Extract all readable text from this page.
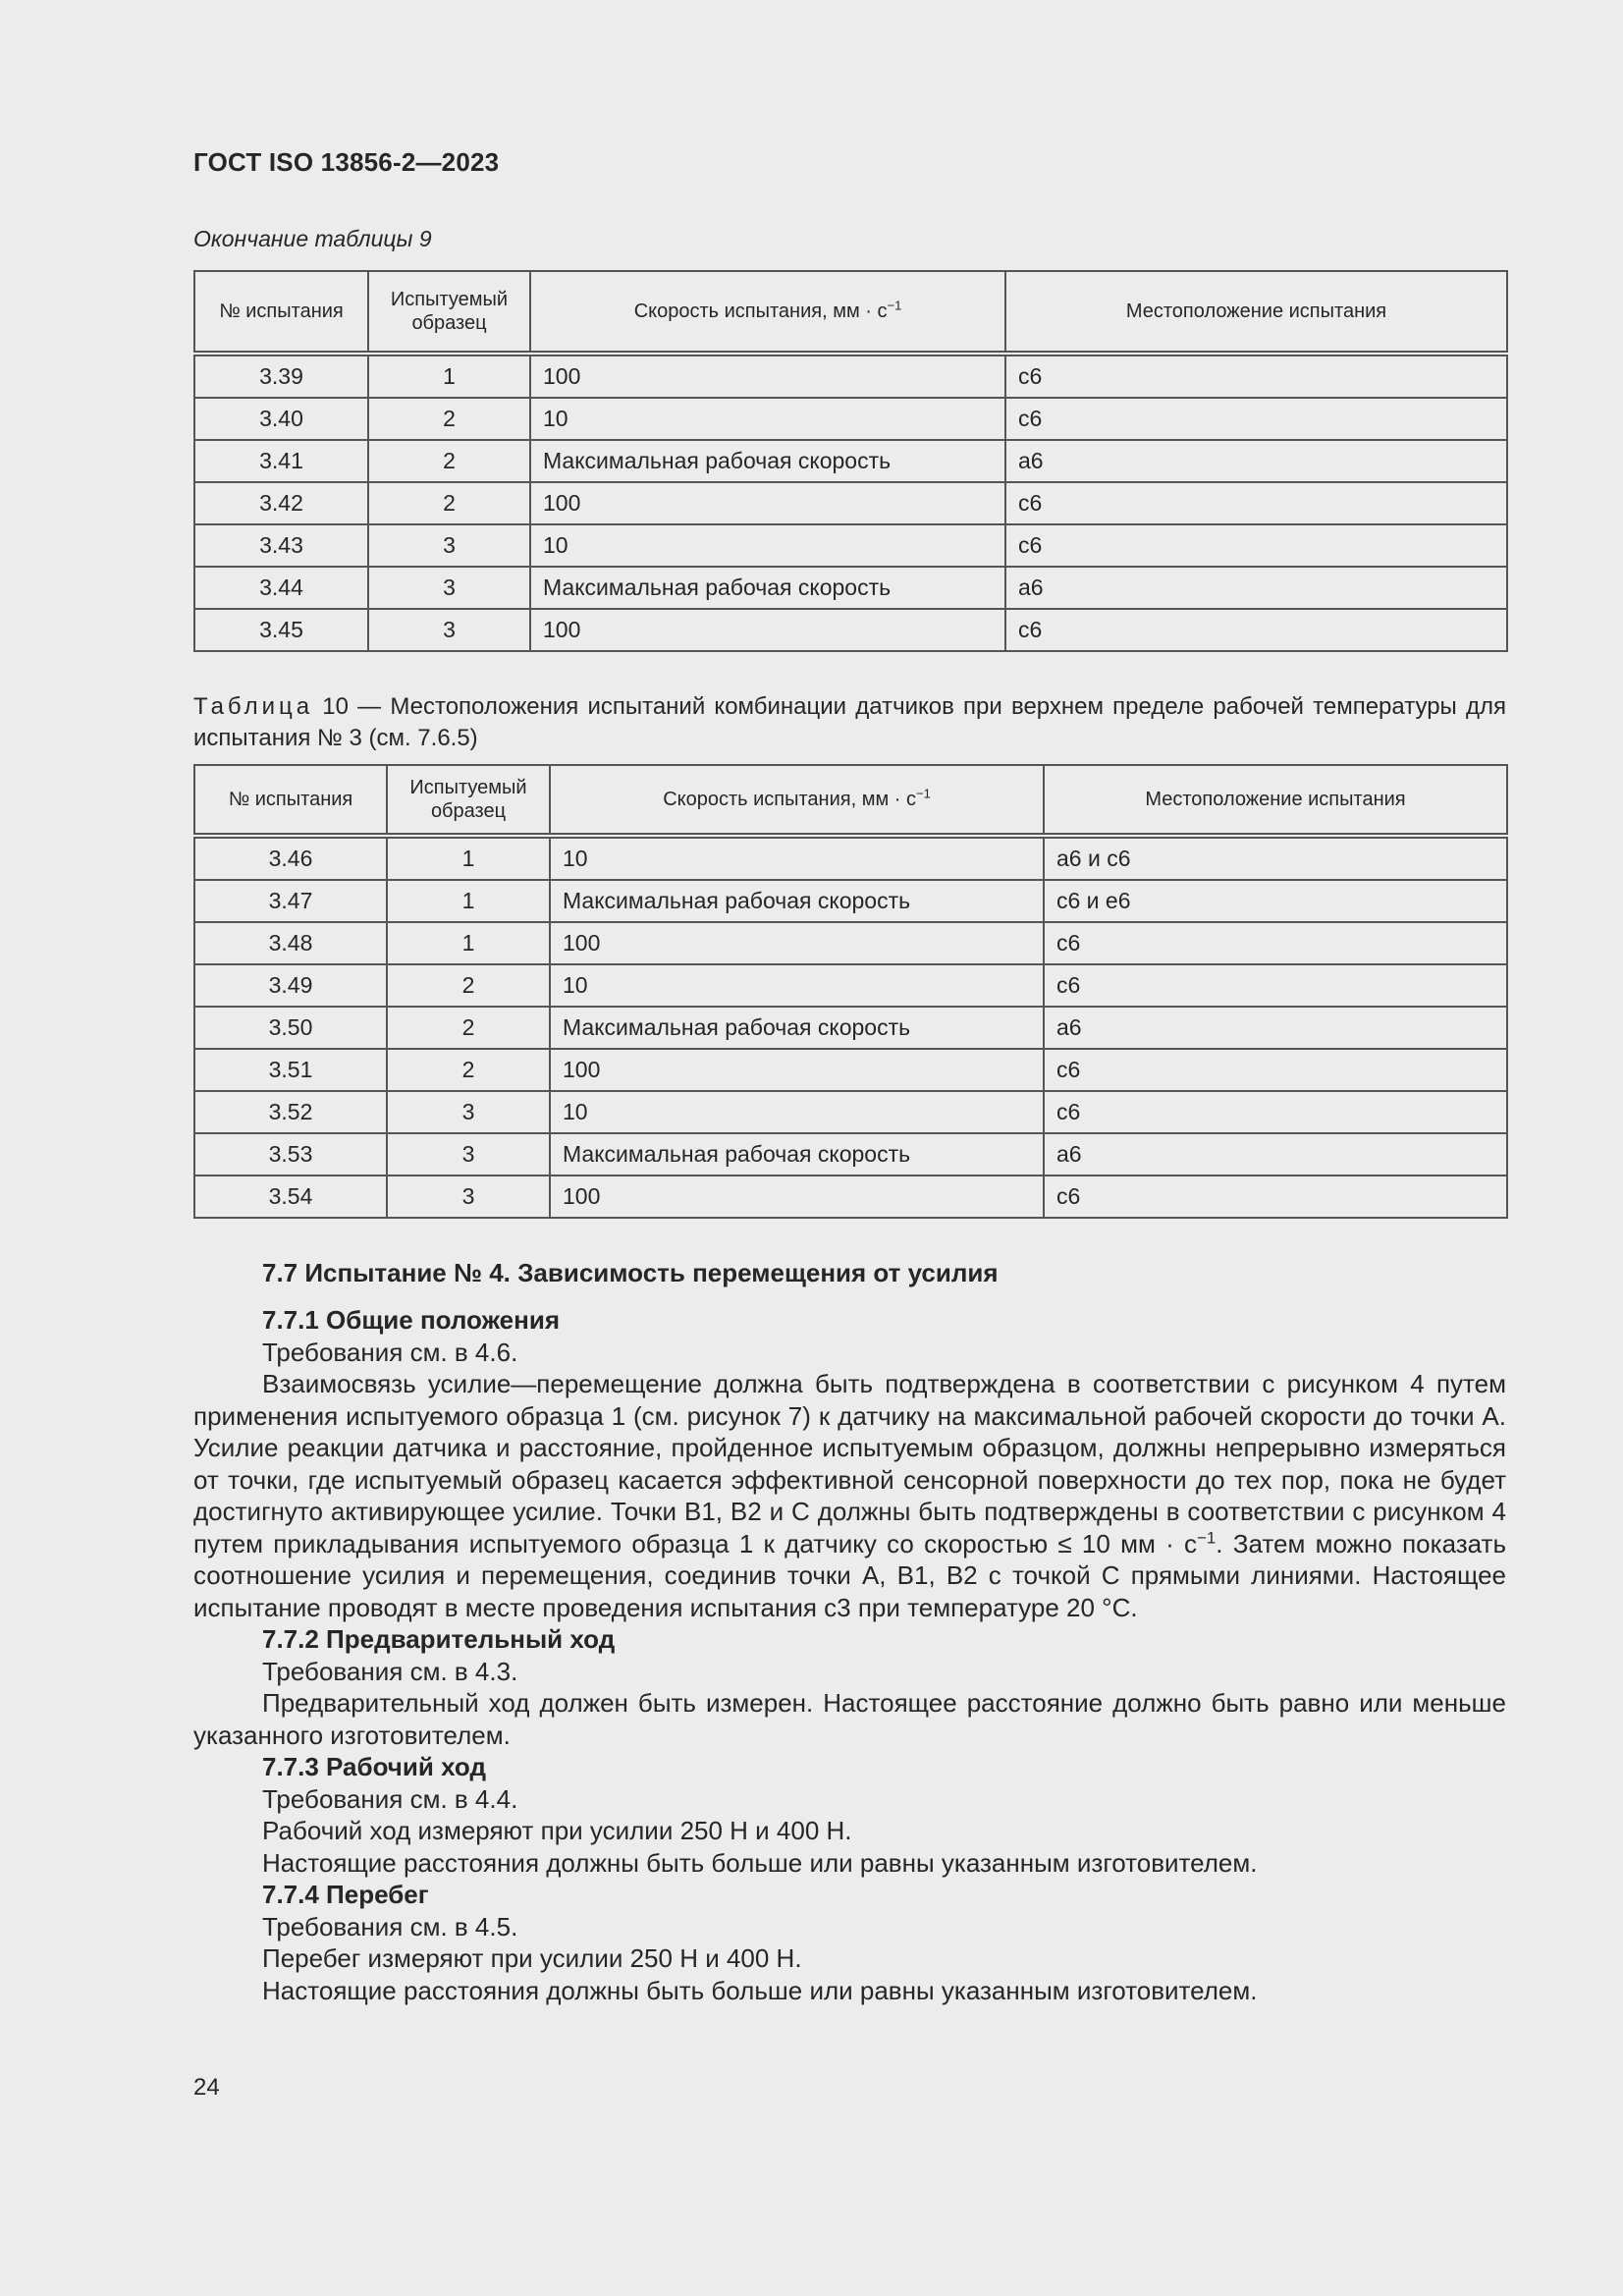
ГОСТ ISO 13856-2—2023
Окончание таблицы 9
№ испытания	Испытуемый образец	Скорость испытания, мм · $с^{-1}$	Местоположение испытания
3.39	1	100	c6
3.40	2	10	c6
3.41	2	Максимальная рабочая скорость	a6
3.42	2	100	c6
3.43	3	10	c6
3.44	3	Максимальная рабочая скорость	a6
3.45	3	100	c6
Таблица 10 — Местоположения испытаний комбинации датчиков при верхнем пределе рабочей температуры для испытания № 3 (см. 7.6.5)
№ испытания	Испытуемый образец	Скорость испытания, мм · $с^{-1}$	Местоположение испытания
3.46	1	10	a6 и c6
3.47	1	Максимальная рабочая скорость	c6 и e6
3.48	1	100	c6
3.49	2	10	c6
3.50	2	Максимальная рабочая скорость	a6
3.51	2	100	c6
3.52	3	10	c6
3.53	3	Максимальная рабочая скорость	a6
3.54	3	100	c6
7.7 Испытание № 4. Зависимость перемещения от усилия
7.7.1 Общие положения

Требования см. в 4.6.

Взаимосвязь усилие—перемещение должна быть подтверждена в соответствии с рисунком 4 путем применения испытуемого образца 1 (см. рисунок 7) к датчику на максимальной рабочей скорости до точки А. Усилие реакции датчика и расстояние, пройденное испытуемым образцом, должны непрерывно измеряться от точки, где испытуемый образец касается эффективной сенсорной поверхности до тех пор, пока не будет достигнуто активирующее усилие. Точки B1, B2 и C должны быть подтверждены в соответствии с рисунком 4 путем прикладывания испытуемого образца 1 к датчику со скоростью ≤ 10 мм · $с^{-1}$. Затем можно показать соотношение усилия и перемещения, соединив точки A, B1, B2 с точкой C прямыми линиями. Настоящее испытание проводят в месте проведения испытания c3 при температуре 20 °С.

7.7.2 Предварительный ход

Требования см. в 4.3.

Предварительный ход должен быть измерен. Настоящее расстояние должно быть равно или меньше указанного изготовителем.

7.7.3 Рабочий ход

Требования см. в 4.4.

Рабочий ход измеряют при усилии 250 Н и 400 Н.

Настоящие расстояния должны быть больше или равны указанным изготовителем.

7.7.4 Перебег

Требования см. в 4.5.

Перебег измеряют при усилии 250 Н и 400 Н.

Настоящие расстояния должны быть больше или равны указанным изготовителем.

24
